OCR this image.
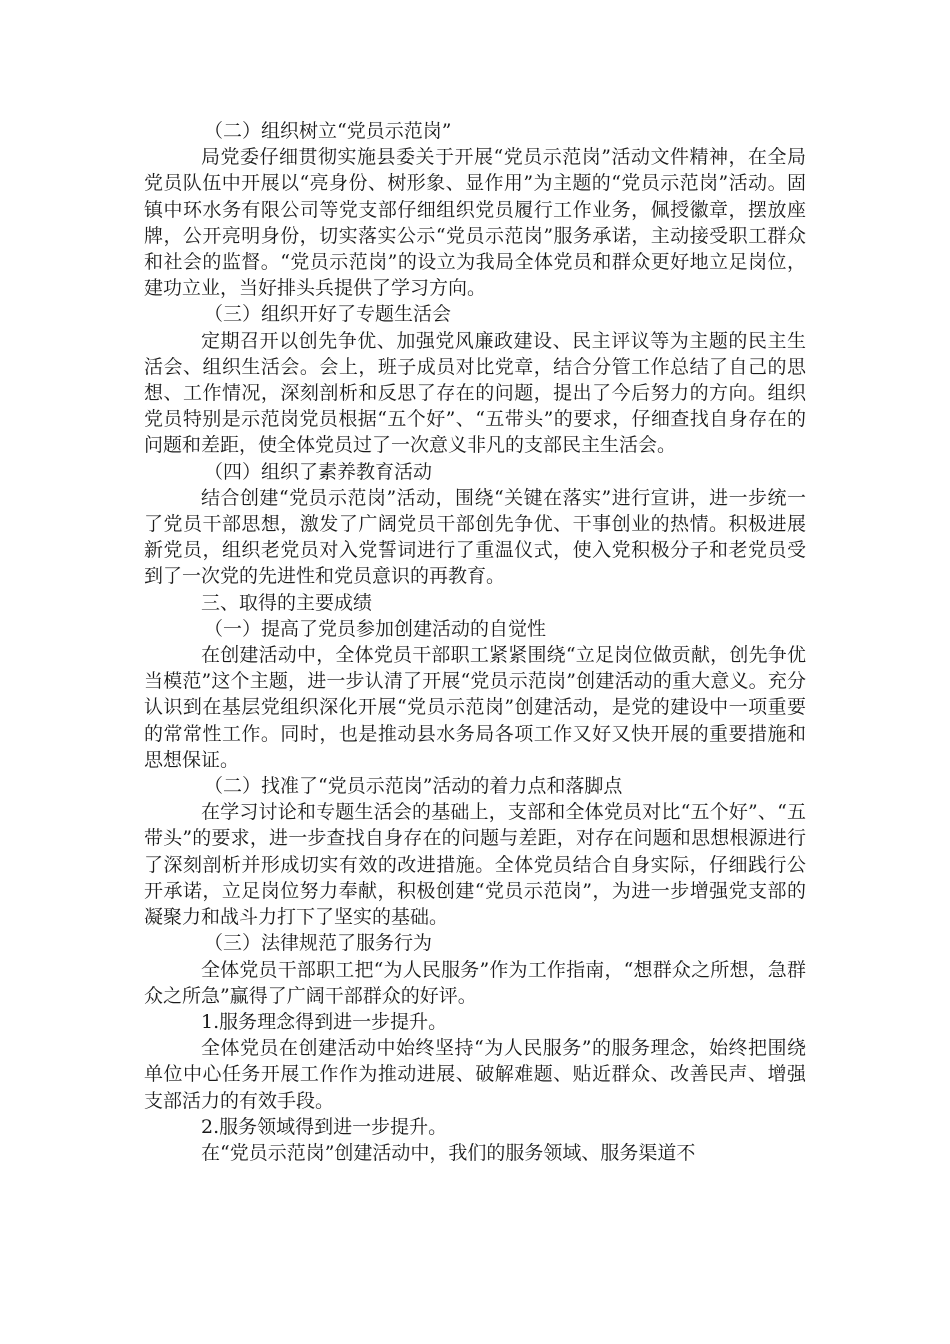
（二）组织树立“党员示范岗”

局党委仔细贯彻实施县委关于开展“党员示范岗”活动文件精神，在全局党员队伍中开展以“亮身份、树形象、显作用”为主题的“党员示范岗”活动。固镇中环水务有限公司等党支部仔细组织党员履行工作业务，佩授徽章，摆放座牌，公开亮明身份，切实落实公示“党员示范岗”服务承诺，主动接受职工群众和社会的监督。“党员示范岗”的设立为我局全体党员和群众更好地立足岗位，建功立业，当好排头兵提供了学习方向。

（三）组织开好了专题生活会

定期召开以创先争优、加强党风廉政建设、民主评议等为主题的民主生活会、组织生活会。会上，班子成员对比党章，结合分管工作总结了自己的思想、工作情况，深刻剖析和反思了存在的问题，提出了今后努力的方向。组织党员特别是示范岗党员根据“五个好”、“五带头”的要求，仔细查找自身存在的问题和差距，使全体党员过了一次意义非凡的支部民主生活会。

（四）组织了素养教育活动

结合创建“党员示范岗”活动，围绕“关键在落实”进行宣讲，进一步统一了党员干部思想，激发了广阔党员干部创先争优、干事创业的热情。积极进展新党员，组织老党员对入党誓词进行了重温仪式，使入党积极分子和老党员受到了一次党的先进性和党员意识的再教育。

三、取得的主要成绩

（一）提高了党员参加创建活动的自觉性

在创建活动中，全体党员干部职工紧紧围绕“立足岗位做贡献，创先争优当模范”这个主题，进一步认清了开展“党员示范岗”创建活动的重大意义。充分认识到在基层党组织深化开展“党员示范岗”创建活动，是党的建设中一项重要的常常性工作。同时，也是推动县水务局各项工作又好又快开展的重要措施和思想保证。

（二）找准了“党员示范岗”活动的着力点和落脚点

在学习讨论和专题生活会的基础上，支部和全体党员对比“五个好”、“五带头”的要求，进一步查找自身存在的问题与差距，对存在问题和思想根源进行了深刻剖析并形成切实有效的改进措施。全体党员结合自身实际，仔细践行公开承诺，立足岗位努力奉献，积极创建“党员示范岗”，为进一步增强党支部的凝聚力和战斗力打下了坚实的基础。

（三）法律规范了服务行为

全体党员干部职工把“为人民服务”作为工作指南，“想群众之所想，急群众之所急”赢得了广阔干部群众的好评。

1.服务理念得到进一步提升。

全体党员在创建活动中始终坚持“为人民服务”的服务理念，始终把围绕单位中心任务开展工作作为推动进展、破解难题、贴近群众、改善民声、增强支部活力的有效手段。

2.服务领域得到进一步提升。

在“党员示范岗”创建活动中，我们的服务领域、服务渠道不
